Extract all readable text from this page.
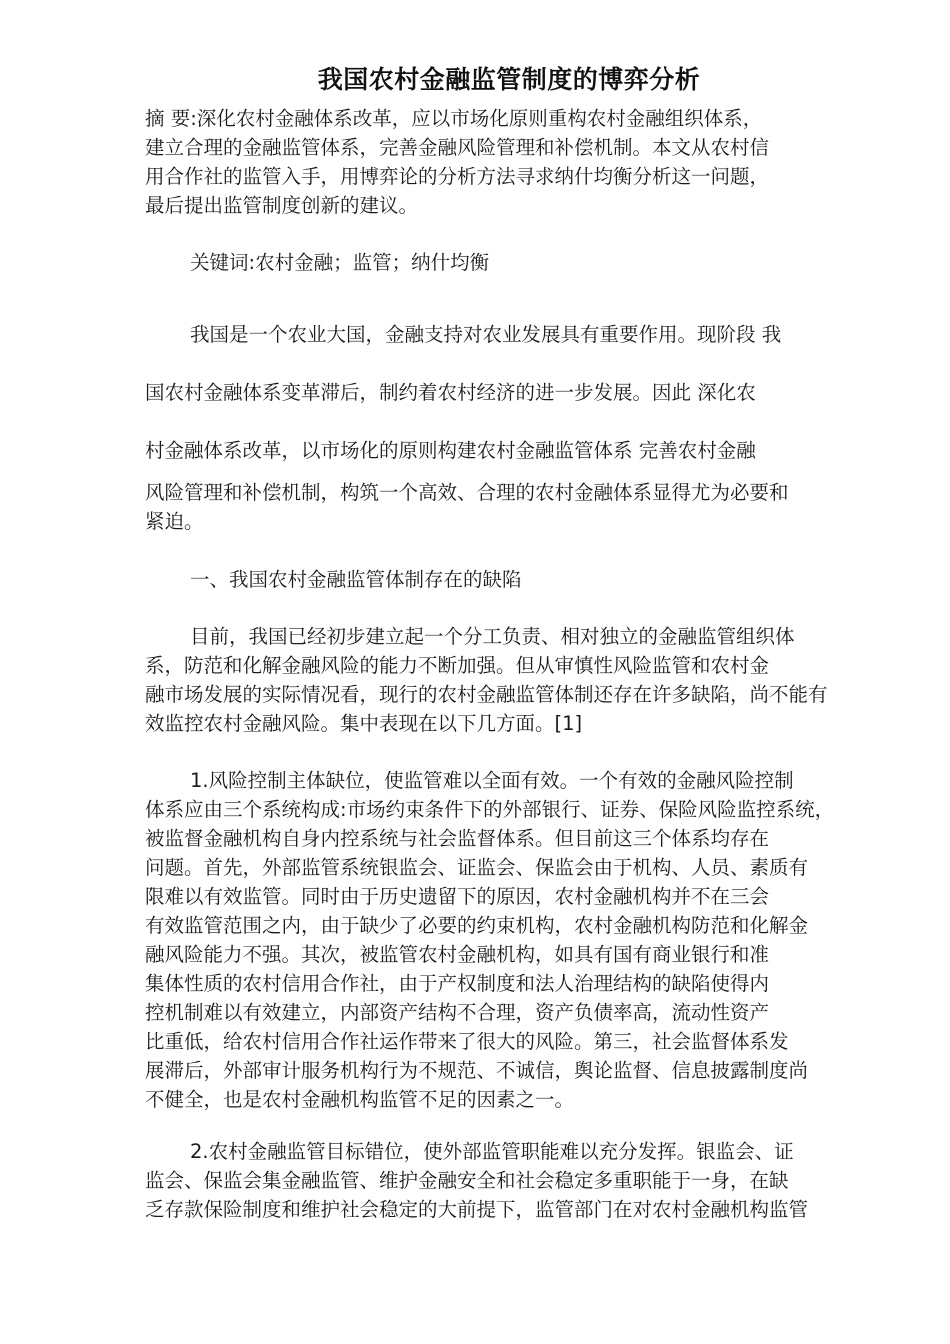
我国农村金融监管制度的博弈分析
摘 要:深化农村金融体系改革，应以市场化原则重构农村金融组织体系，
建立合理的金融监管体系，完善金融风险管理和补偿机制。本文从农村信
用合作社的监管入手，用博弈论的分析方法寻求纳什均衡分析这一问题，
最后提出监管制度创新的建议。
关键词:农村金融；监管；纳什均衡
我国是一个农业大国，金融支持对农业发展具有重要作用。现阶段 我
国农村金融体系变革滞后，制约着农村经济的进一步发展。因此 深化农
村金融体系改革，以市场化的原则构建农村金融监管体系 完善农村金融
风险管理和补偿机制，构筑一个高效、合理的农村金融体系显得尤为必要和
紧迫。
一、我国农村金融监管体制存在的缺陷
目前，我国已经初步建立起一个分工负责、相对独立的金融监管组织体
系，防范和化解金融风险的能力不断加强。但从审慎性风险监管和农村金
融市场发展的实际情况看，现行的农村金融监管体制还存在许多缺陷，尚不能有
效监控农村金融风险。集中表现在以下几方面。[1]
1.风险控制主体缺位，使监管难以全面有效。一个有效的金融风险控制
体系应由三个系统构成:市场约束条件下的外部银行、证券、保险风险监控系统，
被监督金融机构自身内控系统与社会监督体系。但目前这三个体系均存在
问题。首先，外部监管系统银监会、证监会、保监会由于机构、人员、素质有
限难以有效监管。同时由于历史遗留下的原因，农村金融机构并不在三会
有效监管范围之内，由于缺少了必要的约束机构，农村金融机构防范和化解金
融风险能力不强。其次，被监管农村金融机构，如具有国有商业银行和准
集体性质的农村信用合作社，由于产权制度和法人治理结构的缺陷使得内
控机制难以有效建立，内部资产结构不合理，资产负债率高，流动性资产
比重低，给农村信用合作社运作带来了很大的风险。第三，社会监督体系发
展滞后，外部审计服务机构行为不规范、不诚信，舆论监督、信息披露制度尚
不健全，也是农村金融机构监管不足的因素之一。
2.农村金融监管目标错位，使外部监管职能难以充分发挥。银监会、证
监会、保监会集金融监管、维护金融安全和社会稳定多重职能于一身，在缺
乏存款保险制度和维护社会稳定的大前提下，监管部门在对农村金融机构监管
